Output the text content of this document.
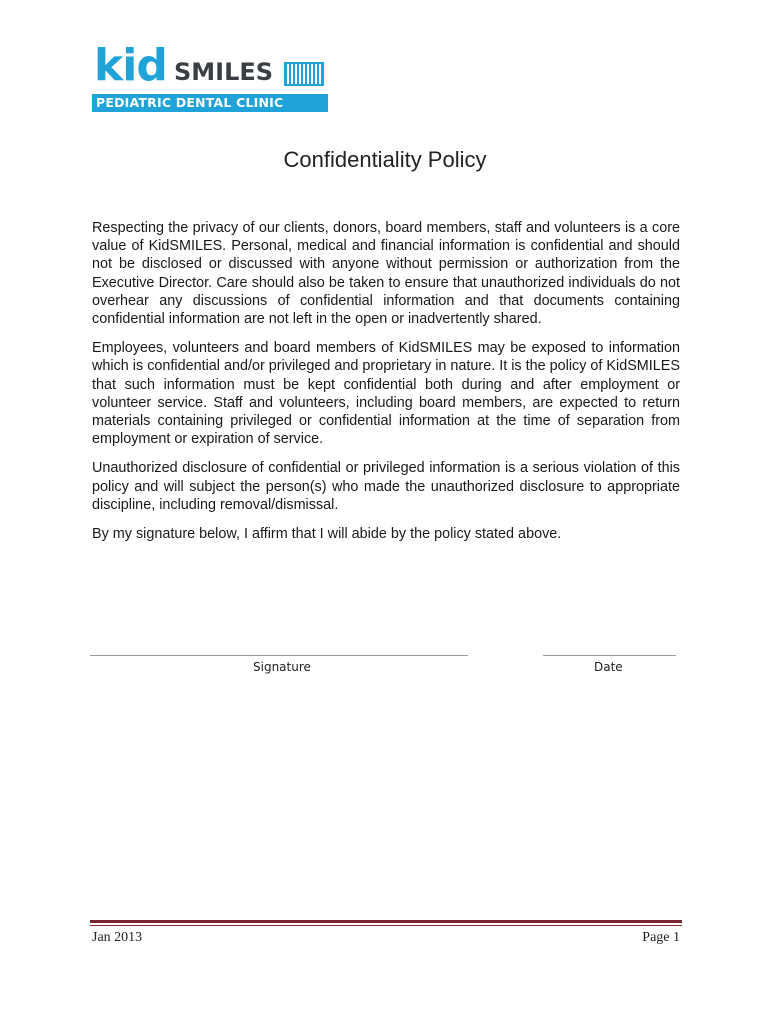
kid SMILES
PEDIATRIC DENTAL CLINIC
Confidentiality Policy

Respecting the privacy of our clients, donors, board members, staff and volunteers is a core value of KidSMILES. Personal, medical and financial information is confidential and should not be disclosed or discussed with anyone without permission or authorization from the Executive Director. Care should also be taken to ensure that unauthorized individuals do not overhear any discussions of confidential information and that documents containing confidential information are not left in the open or inadvertently shared.

Employees, volunteers and board members of KidSMILES may be exposed to information which is confidential and/or privileged and proprietary in nature. It is the policy of KidSMILES that such information must be kept confidential both during and after employment or volunteer service. Staff and volunteers, including board members, are expected to return materials containing privileged or confidential information at the time of separation from employment or expiration of service.

Unauthorized disclosure of confidential or privileged information is a serious violation of this policy and will subject the person(s) who made the unauthorized disclosure to appropriate discipline, including removal/dismissal.

By my signature below, I affirm that I will abide by the policy stated above.

Signature	Date
Jan 2013	Page 1
